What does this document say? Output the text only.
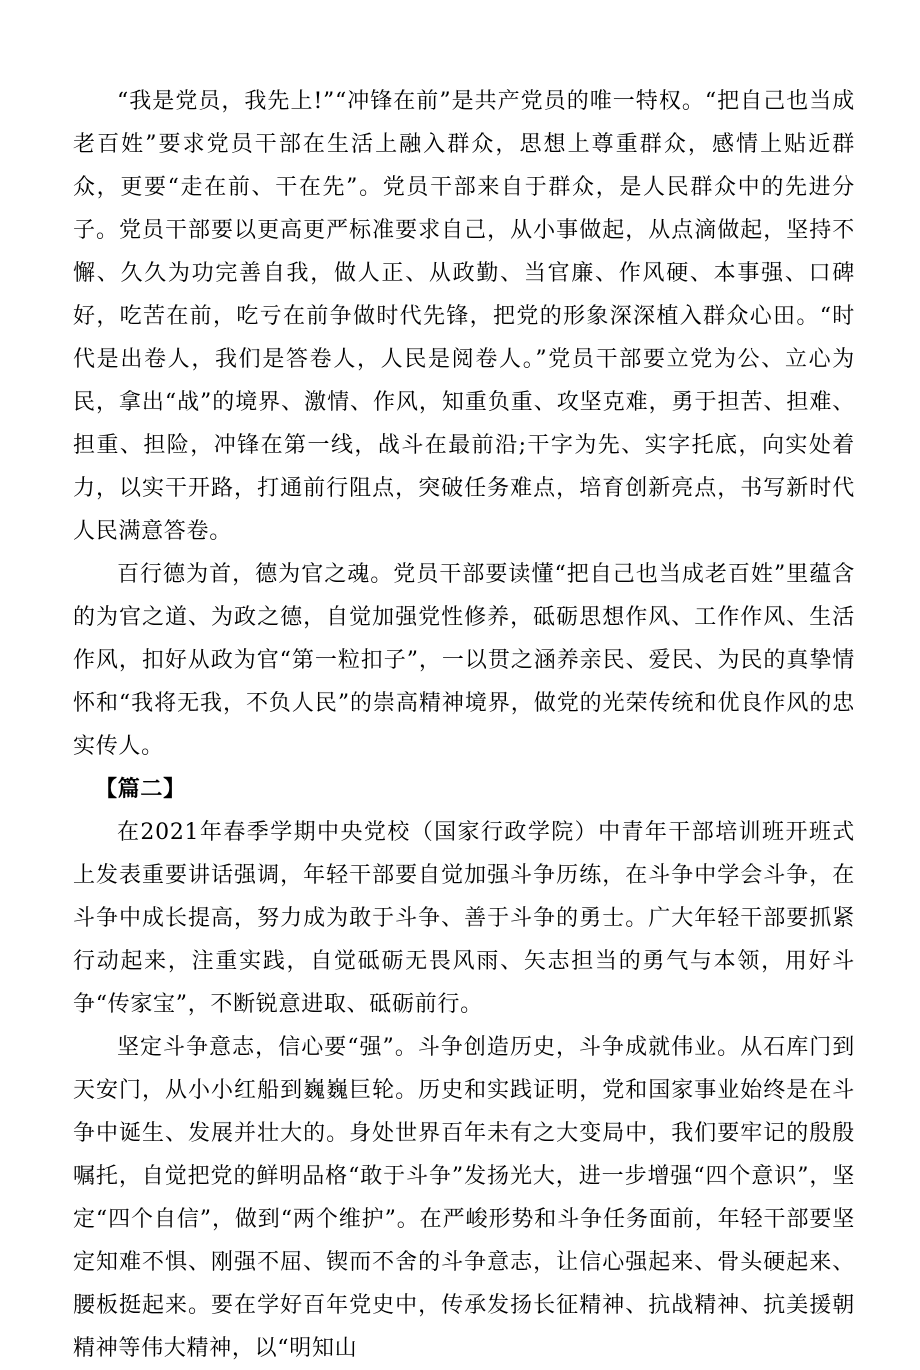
“我是党员，我先上!”“冲锋在前”是共产党员的唯一特权。“把自己也当成老百姓”要求党员干部在生活上融入群众，思想上尊重群众，感情上贴近群众，更要“走在前、干在先”。党员干部来自于群众，是人民群众中的先进分子。党员干部要以更高更严标准要求自己，从小事做起，从点滴做起，坚持不懈、久久为功完善自我，做人正、从政勤、当官廉、作风硬、本事强、口碑好，吃苦在前，吃亏在前争做时代先锋，把党的形象深深植入群众心田。“时代是出卷人，我们是答卷人，人民是阅卷人。”党员干部要立党为公、立心为民，拿出“战”的境界、激情、作风，知重负重、攻坚克难，勇于担苦、担难、担重、担险，冲锋在第一线，战斗在最前沿;干字为先、实字托底，向实处着力，以实干开路，打通前行阻点，突破任务难点，培育创新亮点，书写新时代人民满意答卷。

百行德为首，德为官之魂。党员干部要读懂“把自己也当成老百姓”里蕴含的为官之道、为政之德，自觉加强党性修养，砥砺思想作风、工作作风、生活作风，扣好从政为官“第一粒扣子”，一以贯之涵养亲民、爱民、为民的真挚情怀和“我将无我，不负人民”的崇高精神境界，做党的光荣传统和优良作风的忠实传人。

【篇二】

在2021年春季学期中央党校（国家行政学院）中青年干部培训班开班式上发表重要讲话强调，年轻干部要自觉加强斗争历练，在斗争中学会斗争，在斗争中成长提高，努力成为敢于斗争、善于斗争的勇士。广大年轻干部要抓紧行动起来，注重实践，自觉砥砺无畏风雨、矢志担当的勇气与本领，用好斗争“传家宝”，不断锐意进取、砥砺前行。

坚定斗争意志，信心要“强”。斗争创造历史，斗争成就伟业。从石库门到天安门，从小小红船到巍巍巨轮。历史和实践证明，党和国家事业始终是在斗争中诞生、发展并壮大的。身处世界百年未有之大变局中，我们要牢记的殷殷嘱托，自觉把党的鲜明品格“敢于斗争”发扬光大，进一步增强“四个意识”，坚定“四个自信”，做到“两个维护”。在严峻形势和斗争任务面前，年轻干部要坚定知难不惧、刚强不屈、锲而不舍的斗争意志，让信心强起来、骨头硬起来、腰板挺起来。要在学好百年党史中，传承发扬长征精神、抗战精神、抗美援朝精神等伟大精神，以“明知山
